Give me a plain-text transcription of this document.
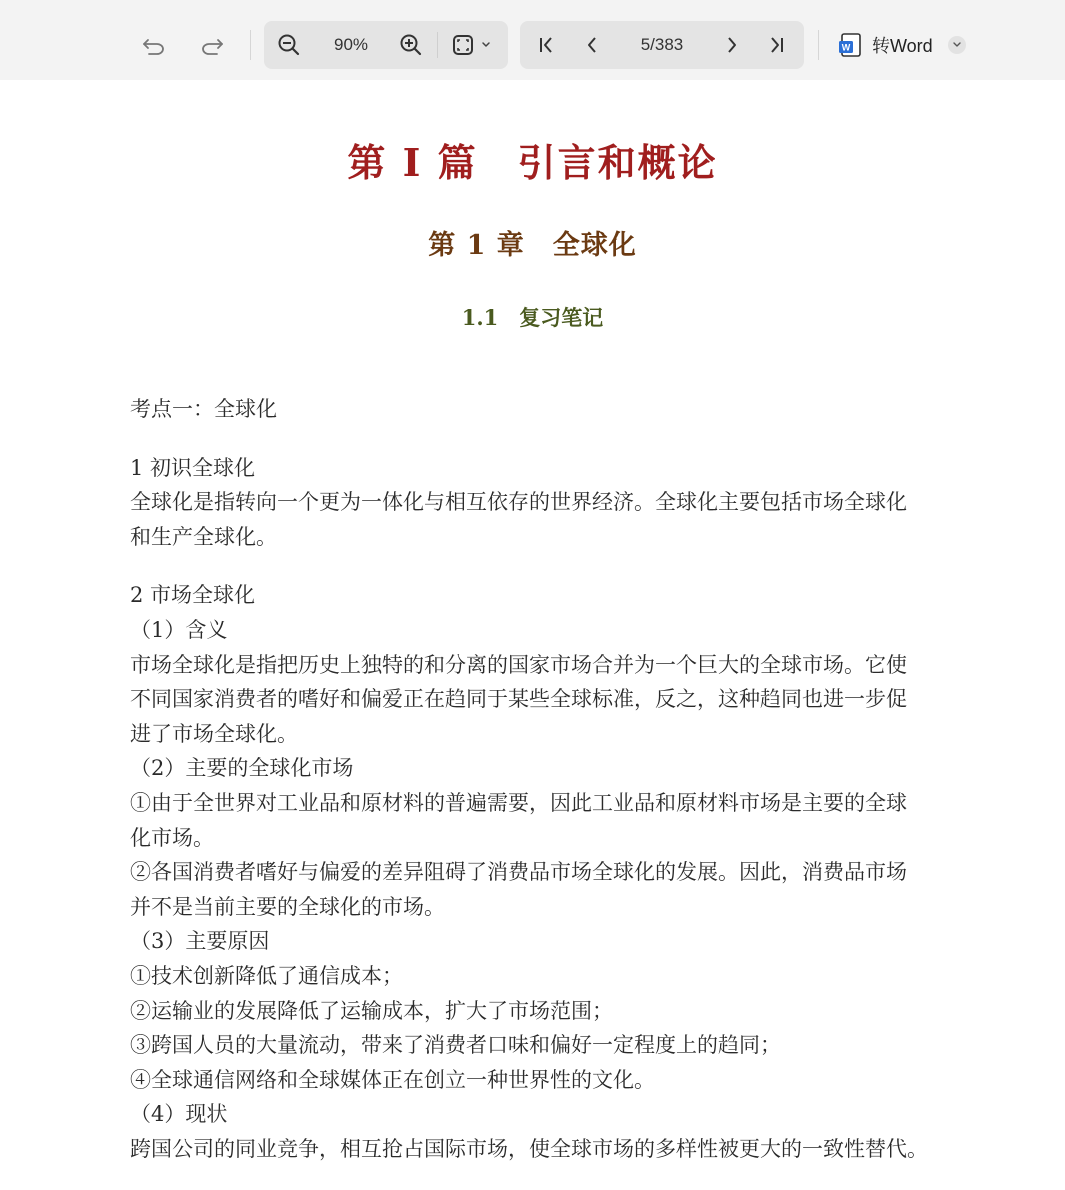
90%	5/383	W 转Word
第 I 篇　引言和概论
第 1 章　全球化
1.1　复习笔记

考点一：全球化

1 初识全球化

全球化是指转向一个更为一体化与相互依存的世界经济。全球化主要包括市场全球化

和生产全球化。

2 市场全球化

（1）含义

市场全球化是指把历史上独特的和分离的国家市场合并为一个巨大的全球市场。它使

不同国家消费者的嗜好和偏爱正在趋同于某些全球标准，反之，这种趋同也进一步促

进了市场全球化。

（2）主要的全球化市场

①由于全世界对工业品和原材料的普遍需要，因此工业品和原材料市场是主要的全球

化市场。

②各国消费者嗜好与偏爱的差异阻碍了消费品市场全球化的发展。因此，消费品市场

并不是当前主要的全球化的市场。

（3）主要原因

①技术创新降低了通信成本；

②运输业的发展降低了运输成本，扩大了市场范围；

③跨国人员的大量流动，带来了消费者口味和偏好一定程度上的趋同；

④全球通信网络和全球媒体正在创立一种世界性的文化。

（4）现状

跨国公司的同业竞争，相互抢占国际市场，使全球市场的多样性被更大的一致性替代。
